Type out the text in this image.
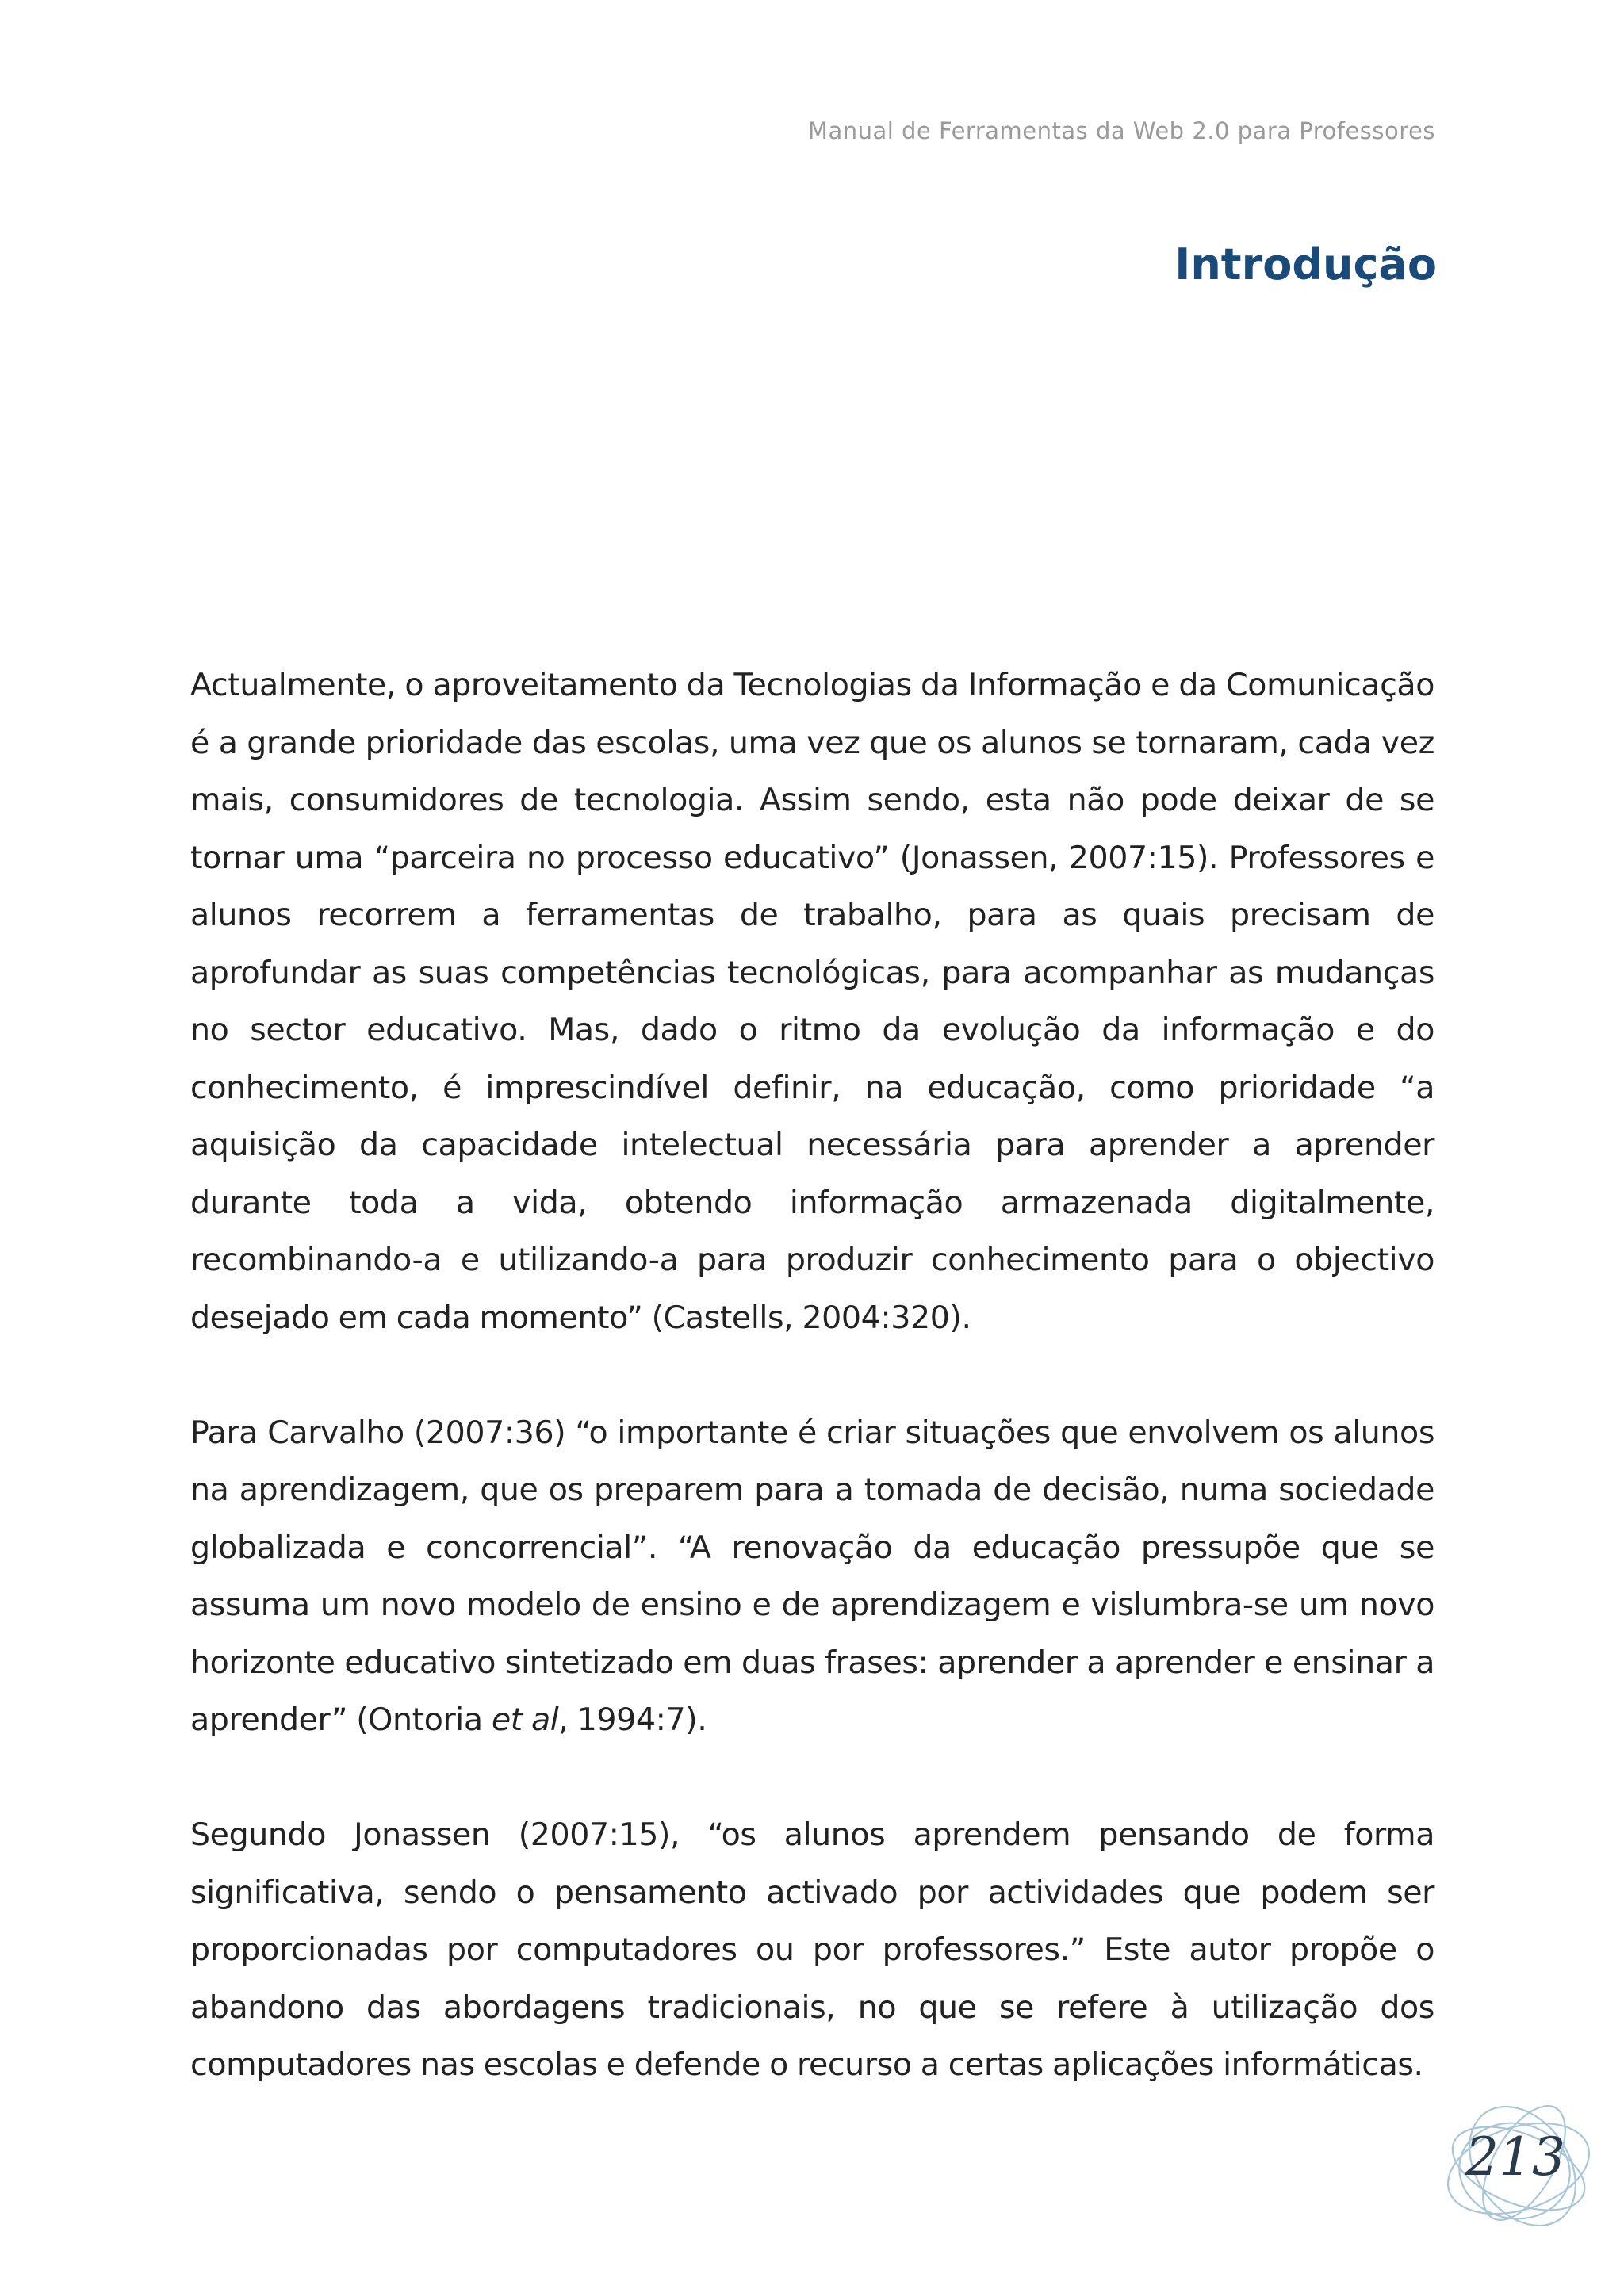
Manual de Ferramentas da Web 2.0 para Professores
Introdução

Actualmente, o aproveitamento da Tecnologias da Informação e da Comunicação é a grande prioridade das escolas, uma vez que os alunos se tornaram, cada vez mais, consumidores de tecnologia. Assim sendo, esta não pode deixar de se tornar uma “parceira no processo educativo” (Jonassen, 2007:15). Professores e alunos recorrem a ferramentas de trabalho, para as quais precisam de aprofundar as suas competências tecnológicas, para acompanhar as mudanças no sector educativo. Mas, dado o ritmo da evolução da informação e do conhecimento, é imprescindível definir, na educação, como prioridade “a aquisição da capacidade intelectual necessária para aprender a aprender durante toda a vida, obtendo informação armazenada digitalmente, recombinando-a e utilizando-a para produzir conhecimento para o objectivo desejado em cada momento” (Castells, 2004:320).

Para Carvalho (2007:36) “o importante é criar situações que envolvem os alunos na aprendizagem, que os preparem para a tomada de decisão, numa sociedade globalizada e concorrencial”. “A renovação da educação pressupõe que se assuma um novo modelo de ensino e de aprendizagem e vislumbra-se um novo horizonte educativo sintetizado em duas frases: aprender a aprender e ensinar a aprender” (Ontoria et al, 1994:7).

Segundo Jonassen (2007:15), “os alunos aprendem pensando de forma significativa, sendo o pensamento activado por actividades que podem ser proporcionadas por computadores ou por professores.” Este autor propõe o abandono das abordagens tradicionais, no que se refere à utilização dos computadores nas escolas e defende o recurso a certas aplicações informáticas.

213
